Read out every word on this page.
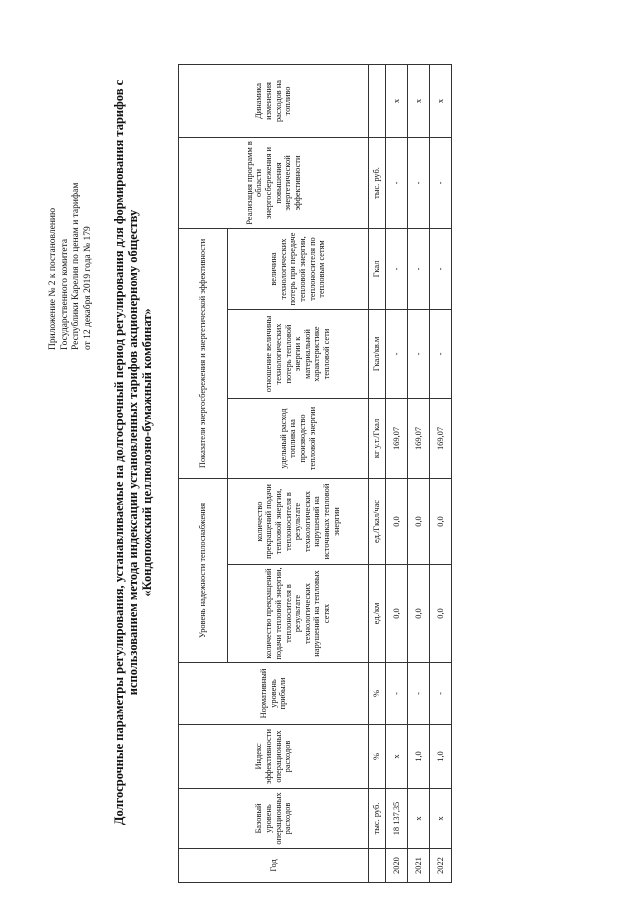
Приложение № 2 к постановлению Государственного комитета Республики Карелия по ценам и тарифам от 12 декабря 2019 года № 179 Долгосрочные параметры регулирования, устанавливаемые на долгосрочный период регулирования для формирования тарифов с использованием метода индексации установленных тарифов акционерному обществу «Кондопожский целлюлозно-бумажный комбинат»
Год	Базовый уровень операционных расходов	Индекс эффективности операционных расходов	Нормативный уровень прибыли	Уровень надежности теплоснабжения		Показатели энергосбережения и энергетической эффективности			Реализация программ в области энергосбережения и повышения энергетической эффективности	Динамика изменения расходов на топливо
				количество прекращений подачи тепловой энергии, теплоносителя в результате технологических нарушений на тепловых сетях	количество прекращений подачи тепловой энергии, теплоносителя в результате технологических нарушений на источниках тепловой энергии	удельный расход топлива на производство тепловой энергии	отношение величины технологических потерь тепловой энергии к материальной характеристике тепловой сети	величина технологических потерь при передаче тепловой энергии, теплоносителя по тепловым сетям		
	тыс. руб.	%	%	ед./км	ед./Гкал/час	кг у.т./Гкал	Гкал/кв.м	Гкал	тыс. руб.	
2020	18 137,35	х	-	0,0	0,0	169,07	-	-	-	х
2021	х	1,0	-	0,0	0,0	169,07	-	-	-	х
2022	х	1,0	-	0,0	0,0	169,07	-	-	-	х
